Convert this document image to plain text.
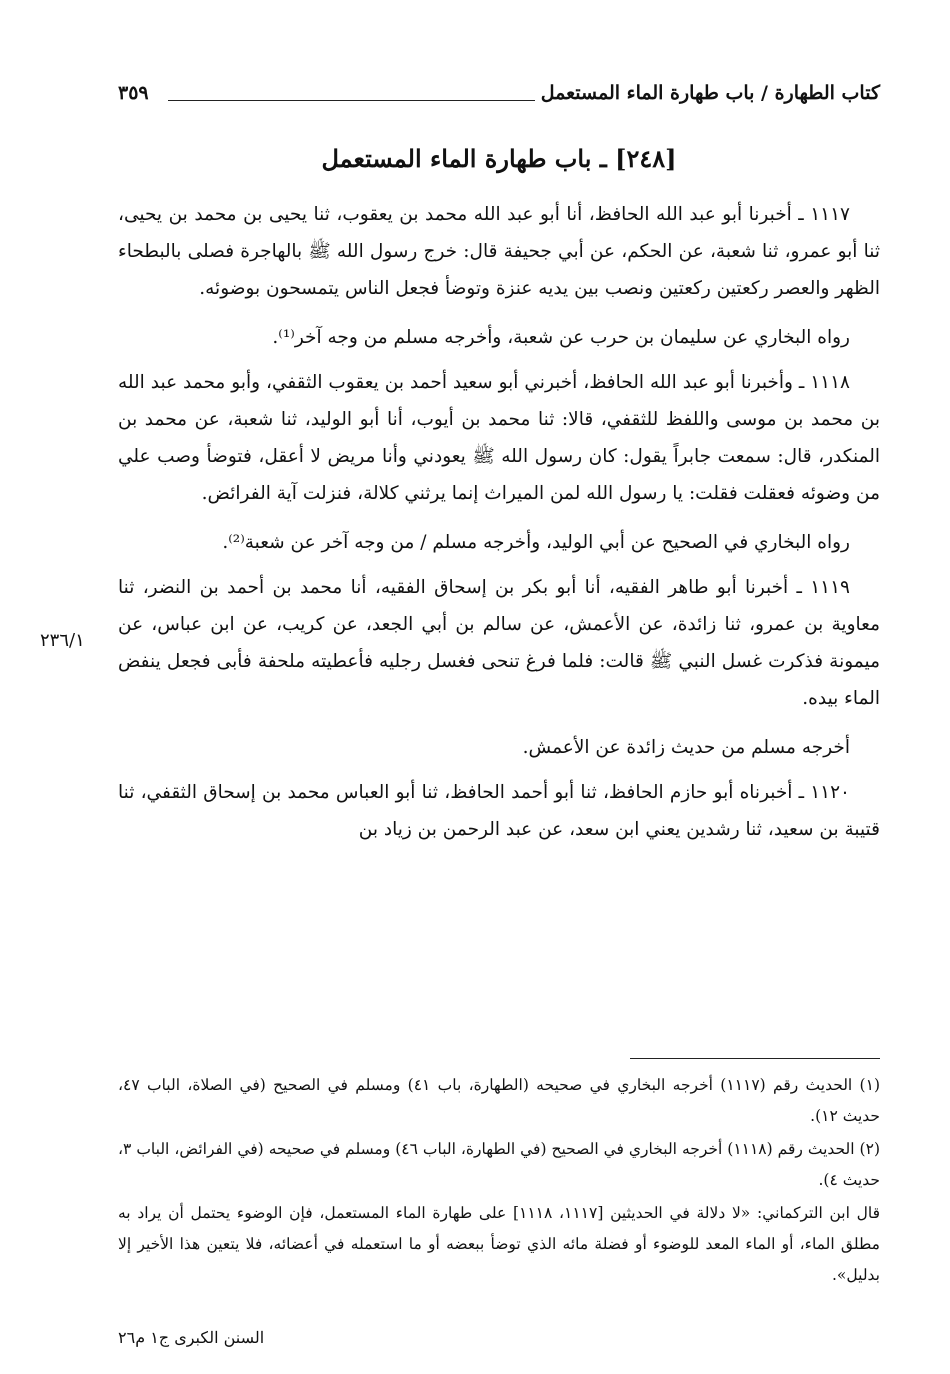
كتاب الطهارة / باب طهارة الماء المستعمل
٣٥٩
[٢٤٨] ـ باب طهارة الماء المستعمل

١١١٧ ـ أخبرنا أبو عبد الله الحافظ، أنا أبو عبد الله محمد بن يعقوب، ثنا يحيى بن محمد بن يحيى، ثنا أبو عمرو، ثنا شعبة، عن الحكم، عن أبي جحيفة قال: خرج رسول الله ﷺ بالهاجرة فصلى بالبطحاء الظهر والعصر ركعتين ركعتين ونصب بين يديه عنزة وتوضأ فجعل الناس يتمسحون بوضوئه.

رواه البخاري عن سليمان بن حرب عن شعبة، وأخرجه مسلم من وجه آخر⁽¹⁾.

١١١٨ ـ وأخبرنا أبو عبد الله الحافظ، أخبرني أبو سعيد أحمد بن يعقوب الثقفي، وأبو محمد عبد الله بن محمد بن موسى واللفظ للثقفي، قالا: ثنا محمد بن أيوب، أنا أبو الوليد، ثنا شعبة، عن محمد بن المنكدر، قال: سمعت جابراً يقول: كان رسول الله ﷺ يعودني وأنا مريض لا أعقل، فتوضأ وصب علي من وضوئه فعقلت فقلت: يا رسول الله لمن الميراث إنما يرثني كلالة، فنزلت آية الفرائض.

رواه البخاري في الصحيح عن أبي الوليد، وأخرجه مسلم / من وجه آخر عن شعبة⁽²⁾.

١١١٩ ـ أخبرنا أبو طاهر الفقيه، أنا أبو بكر بن إسحاق الفقيه، أنا محمد بن أحمد بن النضر، ثنا معاوية بن عمرو، ثنا زائدة، عن الأعمش، عن سالم بن أبي الجعد، عن كريب، عن ابن عباس، عن ميمونة فذكرت غسل النبي ﷺ قالت: فلما فرغ تنحى فغسل رجليه فأعطيته ملحفة فأبى فجعل ينفض الماء بيده.

أخرجه مسلم من حديث زائدة عن الأعمش.

١١٢٠ ـ أخبرناه أبو حازم الحافظ، ثنا أبو أحمد الحافظ، ثنا أبو العباس محمد بن إسحاق الثقفي، ثنا قتيبة بن سعيد، ثنا رشدين يعني ابن سعد، عن عبد الرحمن بن زياد بن

٢٣٦/١

(١) الحديث رقم (١١١٧) أخرجه البخاري في صحيحه (الطهارة، باب ٤١) ومسلم في الصحيح (في الصلاة، الباب ٤٧، حديث ١٢).

(٢) الحديث رقم (١١١٨) أخرجه البخاري في الصحيح (في الطهارة، الباب ٤٦) ومسلم في صحيحه (في الفرائض، الباب ٣، حديث ٤).

قال ابن التركماني: «لا دلالة في الحديثين [١١١٧، ١١١٨] على طهارة الماء المستعمل، فإن الوضوء يحتمل أن يراد به مطلق الماء، أو الماء المعد للوضوء أو فضلة مائه الذي توضأ ببعضه أو ما استعمله في أعضائه، فلا يتعين هذا الأخير إلا بدليل».

السنن الكبرى ج١ م٢٦
